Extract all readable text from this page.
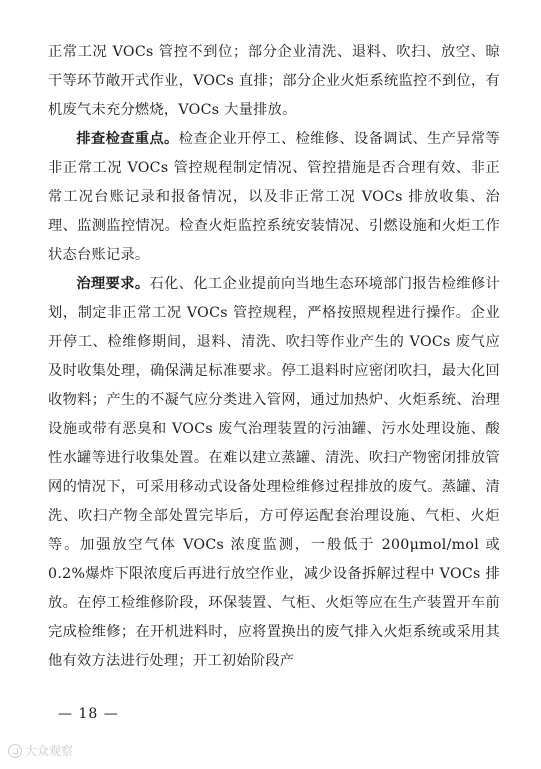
正常工况 VOCs 管控不到位；部分企业清洗、退料、吹扫、放空、晾干等环节敞开式作业，VOCs 直排；部分企业火炬系统监控不到位，有机废气未充分燃烧，VOCs 大量排放。

排查检查重点。检查企业开停工、检维修、设备调试、生产异常等非正常工况 VOCs 管控规程制定情况、管控措施是否合理有效、非正常工况台账记录和报备情况，以及非正常工况 VOCs 排放收集、治理、监测监控情况。检查火炬监控系统安装情况、引燃设施和火炬工作状态台账记录。

治理要求。石化、化工企业提前向当地生态环境部门报告检维修计划，制定非正常工况 VOCs 管控规程，严格按照规程进行操作。企业开停工、检维修期间，退料、清洗、吹扫等作业产生的 VOCs 废气应及时收集处理，确保满足标准要求。停工退料时应密闭吹扫，最大化回收物料；产生的不凝气应分类进入管网，通过加热炉、火炬系统、治理设施或带有恶臭和 VOCs 废气治理装置的污油罐、污水处理设施、酸性水罐等进行收集处置。在难以建立蒸罐、清洗、吹扫产物密闭排放管网的情况下，可采用移动式设备处理检维修过程排放的废气。蒸罐、清洗、吹扫产物全部处置完毕后，方可停运配套治理设施、气柜、火炬等。加强放空气体 VOCs 浓度监测，一般低于 200μmol/mol 或 0.2%爆炸下限浓度后再进行放空作业，减少设备拆解过程中 VOCs 排放。在停工检维修阶段，环保装置、气柜、火炬等应在生产装置开车前完成检维修；在开机进料时，应将置换出的废气排入火炬系统或采用其他有效方法进行处理；开工初始阶段产

— 18 —
大众观察
